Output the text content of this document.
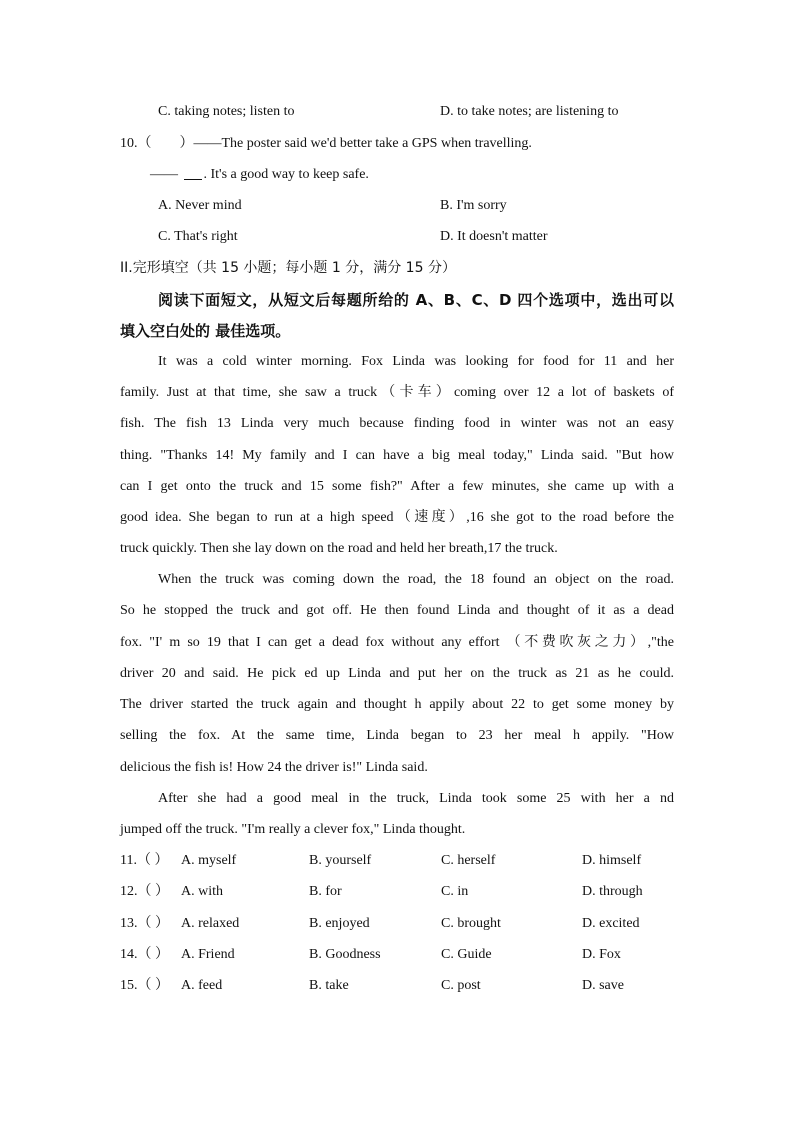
C. taking notes; listen to	D. to take notes; are listening to
10.（　　）——The poster said we'd better take a GPS when travelling.
—— . It's a good way to keep safe.
A. Never mind	B. I'm sorry
C. That's right	D. It doesn't matter
II.完形填空（共 15 小题；每小题 1 分，满分 15 分）
阅读下面短文，从短文后每题所给的 A、B、C、D 四个选项中，选出可以
填入空白处的 最佳选项。
It was a cold winter morning. Fox Linda was looking for food for 11 and her
family. Just at that time, she saw a truck（卡车）coming over 12 a lot of baskets of
fish. The fish 13 Linda very much because finding food in winter was not an easy
thing. "Thanks 14! My family and I can have a big meal today," Linda said. "But how
can I get onto the truck and 15 some fish?" After a few minutes, she came up with a
good idea. She began to run at a high speed（速度）,16 she got to the road before the
truck quickly. Then she lay down on the road and held her breath,17 the truck.
When the truck was coming down the road, the 18 found an object on the road.
So he stopped the truck and got off. He then found Linda and thought of it as a dead
fox. "I' m so 19 that I can get a dead fox without any effort （不费吹灰之力）,"the
driver 20 and said. He pick ed up Linda and put her on the truck as 21 as he could.
The driver started the truck again and thought h appily about 22 to get some money by
selling the fox. At the same time, Linda began to 23 her meal h appily. "How
delicious the fish is! How 24 the driver is!" Linda said.
After she had a good meal in the truck, Linda took some 25 with her a nd
jumped off the truck. "I'm really a clever fox," Linda thought.
11.（ ） A. myself	B. yourself	C. herself	D. himself
12.（ ） A. with	B. for	C. in	D. through
13.（ ） A. relaxed	B. enjoyed	C. brought	D. excited
14.（ ） A. Friend	B. Goodness	C. Guide	D. Fox
15.（ ） A. feed	B. take	C. post	D. save
